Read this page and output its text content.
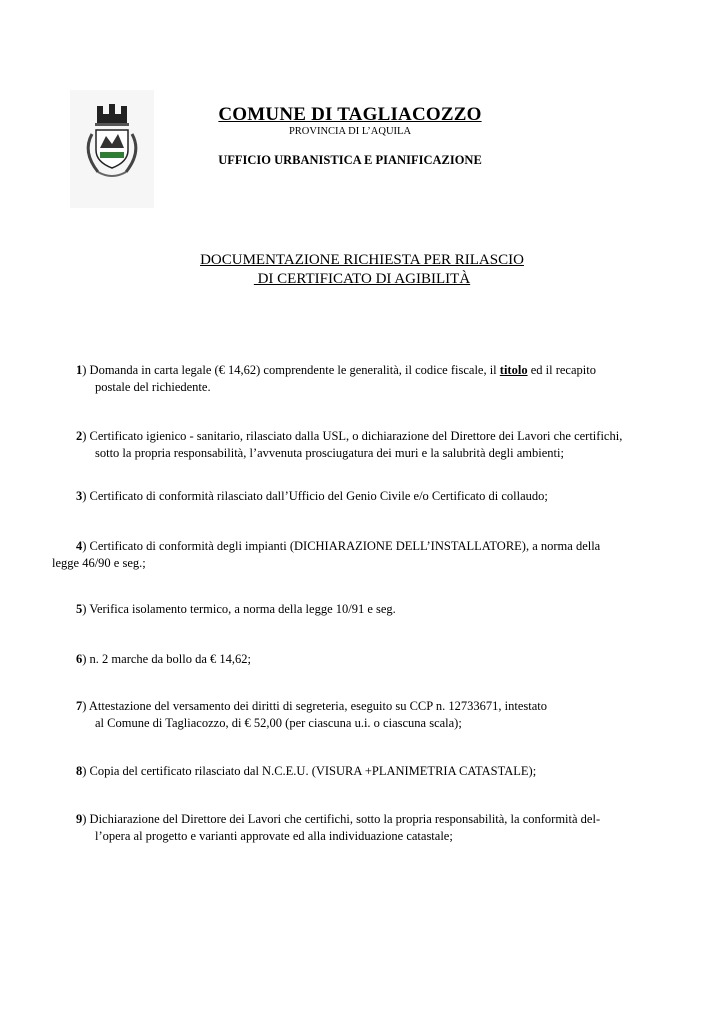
COMUNE DI TAGLIACOZZO
PROVINCIA DI L’AQUILA
UFFICIO URBANISTICA E PIANIFICAZIONE
DOCUMENTAZIONE RICHIESTA PER RILASCIO
DI CERTIFICATO DI AGIBILITÀ
1) Domanda in carta legale (€ 14,62) comprendente le generalità, il codice fiscale, il titolo ed il recapito
postale del richiedente.
2) Certificato igienico - sanitario, rilasciato dalla USL, o dichiarazione del Direttore dei Lavori che certifichi,
sotto la propria responsabilità, l’avvenuta prosciugatura dei muri e la salubrità degli ambienti;
3) Certificato di conformità rilasciato dall’Ufficio del Genio Civile e/o Certificato di collaudo;
4) Certificato di conformità degli impianti (DICHIARAZIONE DELL’INSTALLATORE), a norma della
legge 46/90 e seg.;
5) Verifica isolamento termico, a norma della legge 10/91 e seg.
6) n. 2 marche da bollo da € 14,62;
7) Attestazione del versamento dei diritti di segreteria, eseguito su CCP n. 12733671, intestato
al Comune di Tagliacozzo, di € 52,00 (per ciascuna u.i. o ciascuna scala);
8) Copia del certificato rilasciato dal N.C.E.U. (VISURA +PLANIMETRIA CATASTALE);
9) Dichiarazione del Direttore dei Lavori che certifichi, sotto la propria responsabilità, la conformità del-
l’opera al progetto e varianti approvate ed alla individuazione catastale;
